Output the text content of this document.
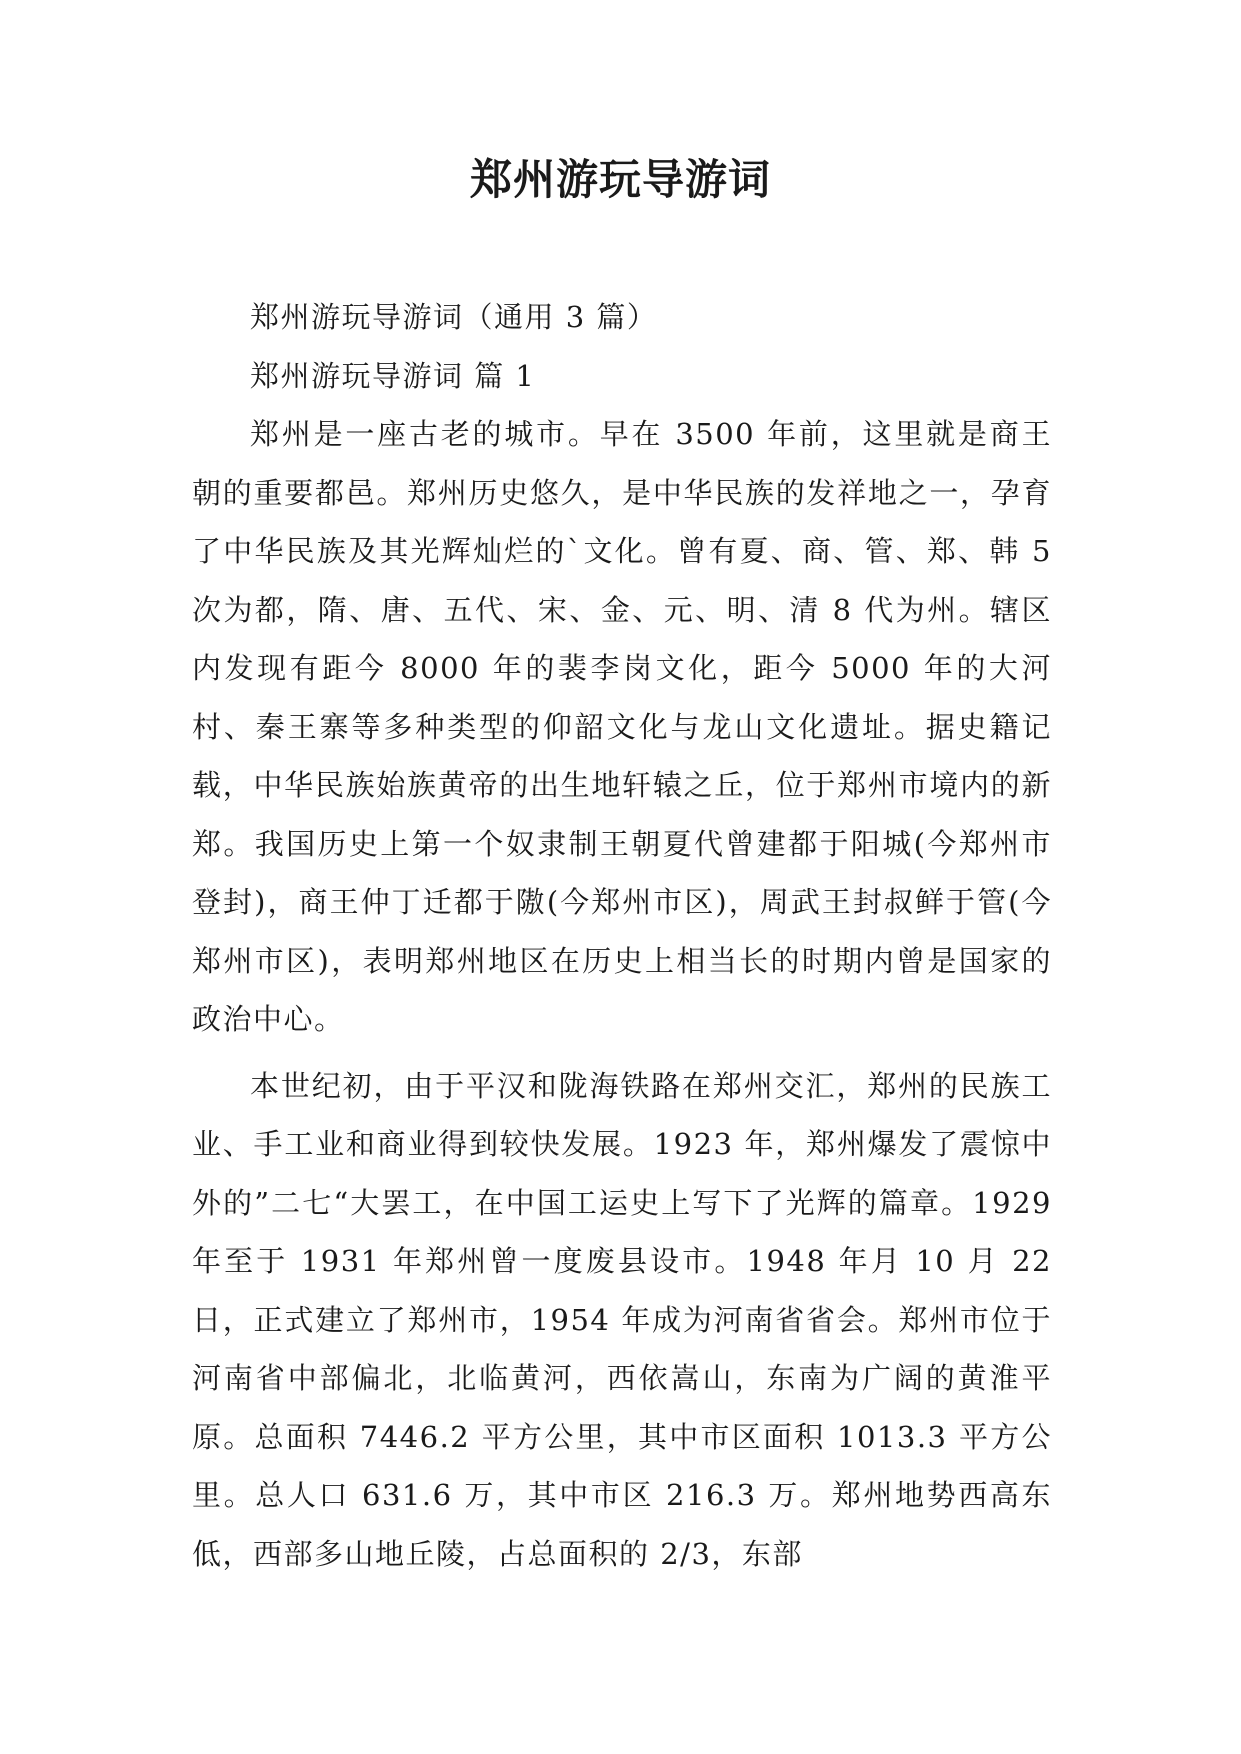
郑州游玩导游词

郑州游玩导游词（通用 3 篇）

郑州游玩导游词 篇 1

郑州是一座古老的城市。早在 3500 年前，这里就是商王朝的重要都邑。郑州历史悠久，是中华民族的发祥地之一，孕育了中华民族及其光辉灿烂的`文化。曾有夏、商、管、郑、韩 5 次为都，隋、唐、五代、宋、金、元、明、清 8 代为州。辖区内发现有距今 8000 年的裴李岗文化，距今 5000 年的大河村、秦王寨等多种类型的仰韶文化与龙山文化遗址。据史籍记载，中华民族始族黄帝的出生地轩辕之丘，位于郑州市境内的新郑。我国历史上第一个奴隶制王朝夏代曾建都于阳城(今郑州市登封)，商王仲丁迁都于隞(今郑州市区)，周武王封叔鲜于管(今郑州市区)，表明郑州地区在历史上相当长的时期内曾是国家的政治中心。

本世纪初，由于平汉和陇海铁路在郑州交汇，郑州的民族工业、手工业和商业得到较快发展。1923 年，郑州爆发了震惊中外的”二七“大罢工，在中国工运史上写下了光辉的篇章。1929 年至于 1931 年郑州曾一度废县设市。1948 年月 10 月 22 日，正式建立了郑州市，1954 年成为河南省省会。郑州市位于河南省中部偏北，北临黄河，西依嵩山，东南为广阔的黄淮平原。总面积 7446.2 平方公里，其中市区面积 1013.3 平方公里。总人口 631.6 万，其中市区 216.3 万。郑州地势西高东低，西部多山地丘陵，占总面积的 2/3，东部
